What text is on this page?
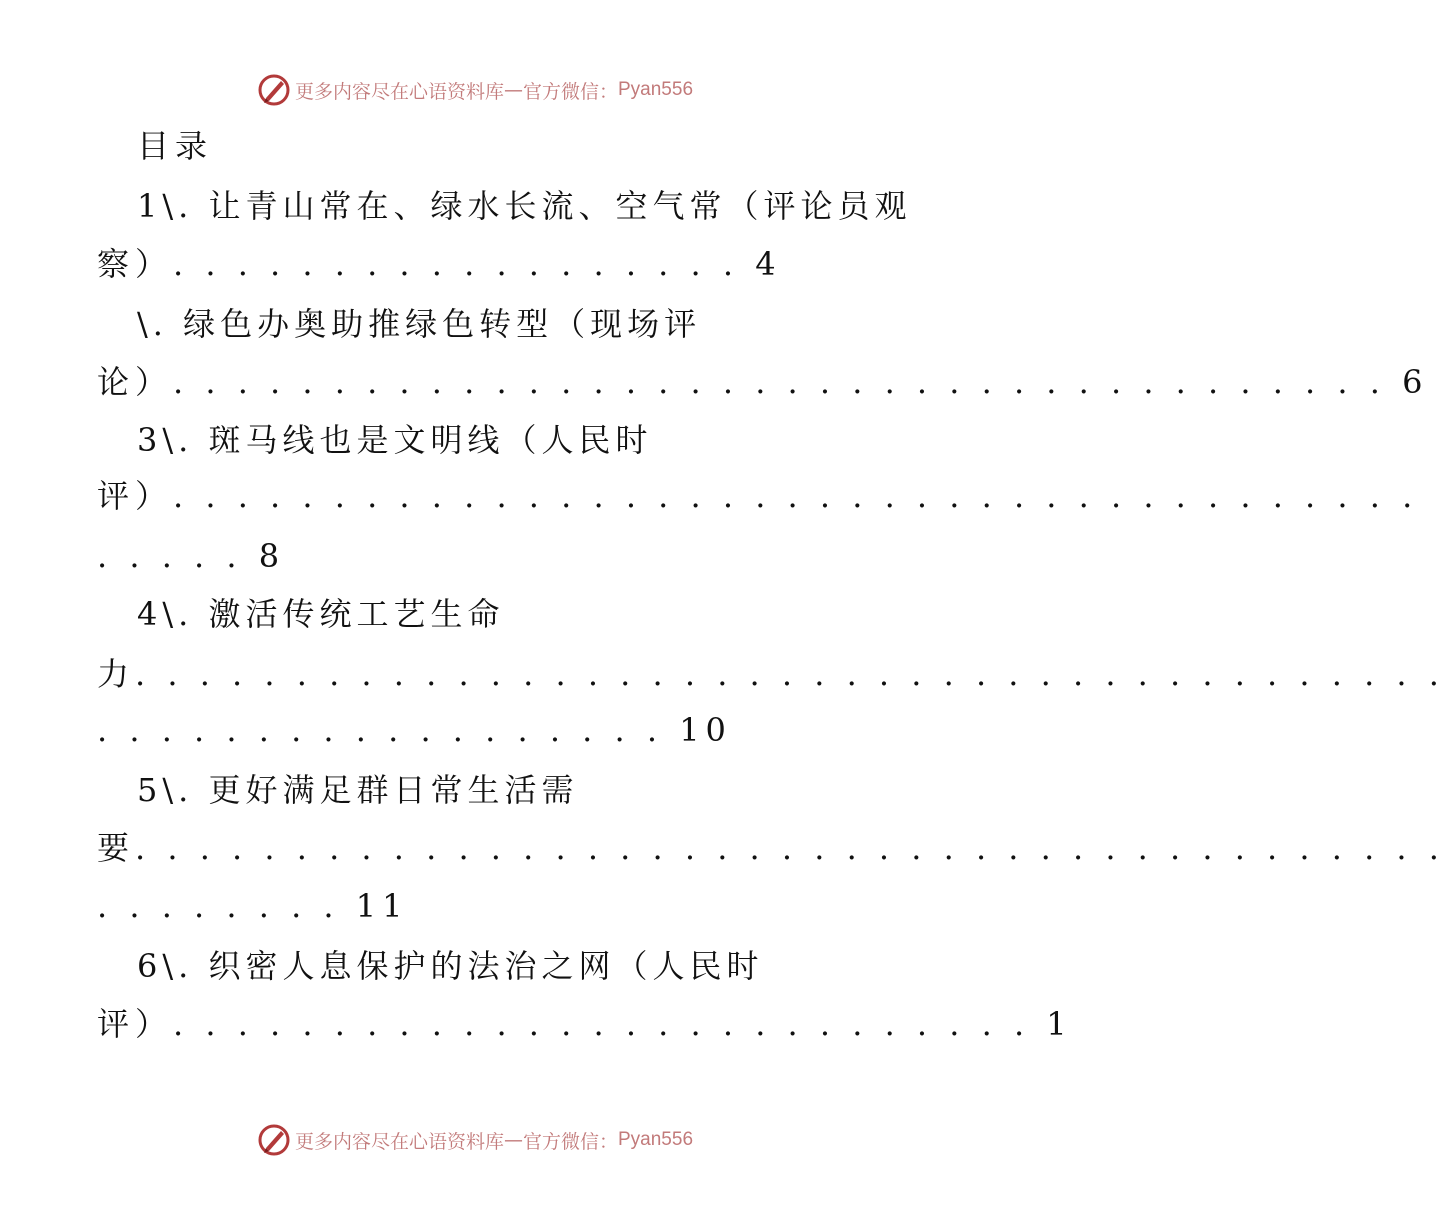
更多内容尽在心语资料库 — 官方微信： Pyan556
目录
1\. 让青山常在、绿水长流、空气常（评论员观
察）. . . . . . . . . . . . . . . . . . 4
\. 绿色办奥助推绿色转型（现场评
论）. . . . . . . . . . . . . . . . . . . . . . . . . . . . . . . . . . . . . . 6
3\. 斑马线也是文明线（人民时
评）. . . . . . . . . . . . . . . . . . . . . . . . . . . . . . . . . . . . . . .
. . . . . 8
4\. 激活传统工艺生命
力. . . . . . . . . . . . . . . . . . . . . . . . . . . . . . . . . . . . . . . . .
. . . . . . . . . . . . . . . . . . 10
5\. 更好满足群日常生活需
要. . . . . . . . . . . . . . . . . . . . . . . . . . . . . . . . . . . . . . . . .
. . . . . . . . 11
6\. 织密人息保护的法治之网（人民时
评）. . . . . . . . . . . . . . . . . . . . . . . . . . . 1
更多内容尽在心语资料库 — 官方微信： Pyan556
